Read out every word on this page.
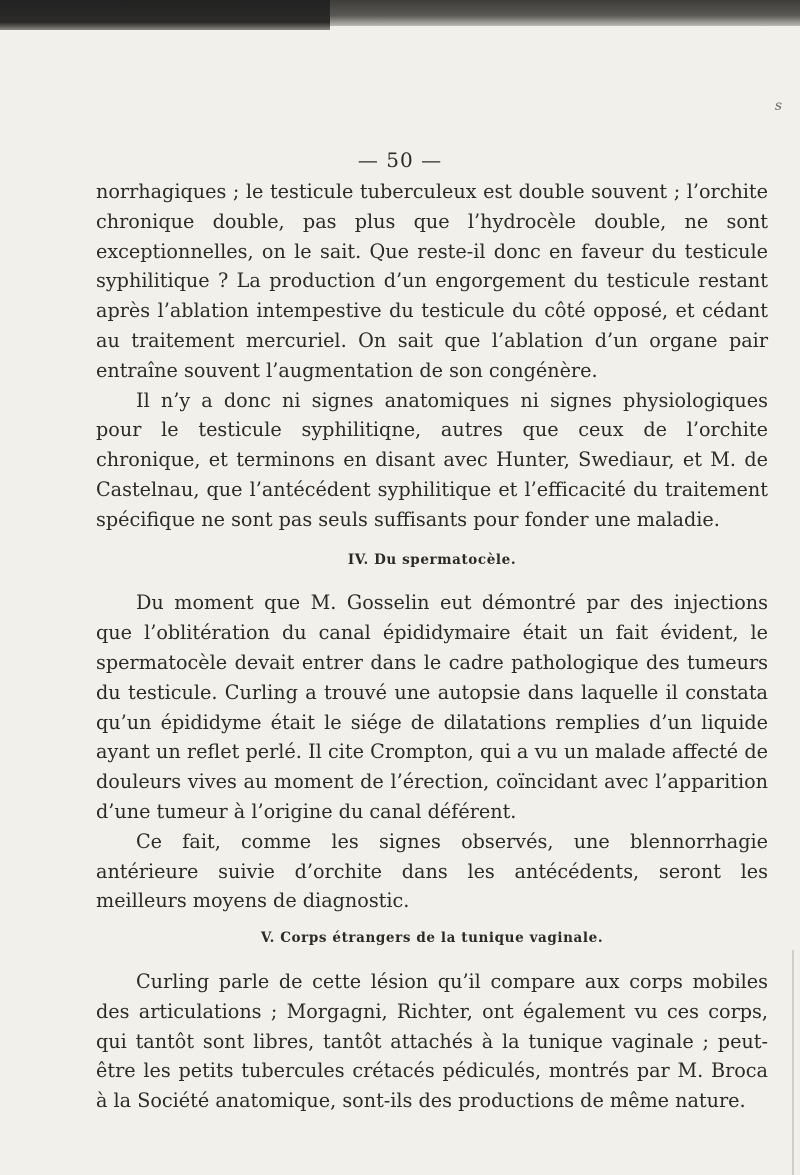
s
— 50 —

norrhagiques ; le testicule tuberculeux est double souvent ; l’orchite chronique double, pas plus que l’hydrocèle double, ne sont exceptionnelles, on le sait. Que reste-il donc en faveur du testicule syphilitique ? La production d’un engorgement du testicule restant après l’ablation intempestive du testicule du côté opposé, et cédant au traitement mercuriel. On sait que l’ablation d’un organe pair entraîne souvent l’augmentation de son congénère.

Il n’y a donc ni signes anatomiques ni signes physiologiques pour le testicule syphilitiqne, autres que ceux de l’orchite chronique, et terminons en disant avec Hunter, Swediaur, et M. de Castelnau, que l’antécédent syphilitique et l’efficacité du traitement spécifique ne sont pas seuls suffisants pour fonder une maladie.

IV. Du spermatocèle.

Du moment que M. Gosselin eut démontré par des injections que l’oblitération du canal épididymaire était un fait évident, le spermatocèle devait entrer dans le cadre pathologique des tumeurs du testicule. Curling a trouvé une autopsie dans laquelle il constata qu’un épididyme était le siége de dilatations remplies d’un liquide ayant un reflet perlé. Il cite Crompton, qui a vu un malade affecté de douleurs vives au moment de l’érection, coïncidant avec l’apparition d’une tumeur à l’origine du canal déférent.

Ce fait, comme les signes observés, une blennorrhagie antérieure suivie d’orchite dans les antécédents, seront les meilleurs moyens de diagnostic.

V. Corps étrangers de la tunique vaginale.

Curling parle de cette lésion qu’il compare aux corps mobiles des articulations ; Morgagni, Richter, ont également vu ces corps, qui tantôt sont libres, tantôt attachés à la tunique vaginale ; peut-être les petits tubercules crétacés pédiculés, montrés par M. Broca à la Société anatomique, sont-ils des productions de même nature.
